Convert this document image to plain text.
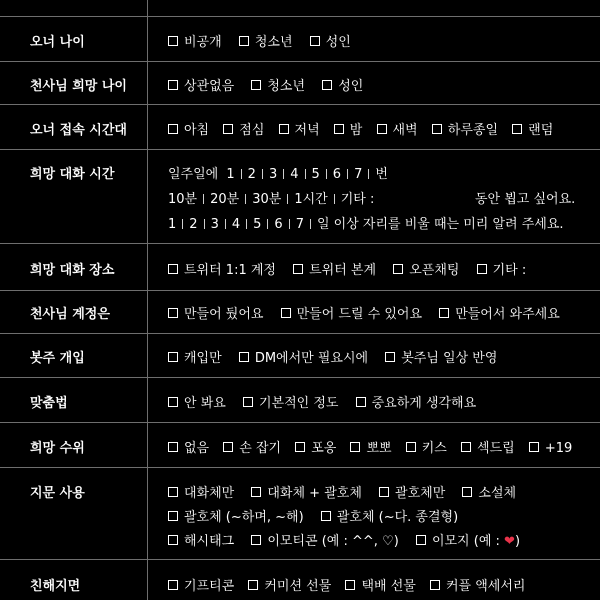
오너 나이	비공개	청소년	성인
천사님 희망 나이	상관없음	청소년	성인
오너 접속 시간대	아침 점심 저녁 밤 새벽 하루종일 랜덤
희망 대화 시간	일주일에 1 2 3 4 5 6 7 번
10분 20분 30분 1시간 기타 :	동안 뵙고 싶어요.
1 2 3 4 5 6 7 일 이상 자리를 비울 때는 미리 알려 주세요.
희망 대화 장소	트위터 1:1 계정	트위터 본계	오픈채팅	기타 :
천사님 계정은	만들어 뒀어요	만들어 드릴 수 있어요	만들어서 와주세요
봇주 개입	캐입만	DM에서만 필요시에	봇주님 일상 반영
맞춤법	안 봐요	기본적인 정도	중요하게 생각해요
희망 수위	없음 손 잡기 포옹 뽀뽀 키스 섹드립 +19
지문 사용	대화체만	대화체 + 괄호체	괄호체만	소설체
괄호체 (~하며, ~해)	괄호체 (~다. 종결형)
해시태그	이모티콘 (예 : ^^, ♡)	이모지 (예 : ❤)
친해지면	기프티콘 커미션 선물 택배 선물 커플 액세서리
